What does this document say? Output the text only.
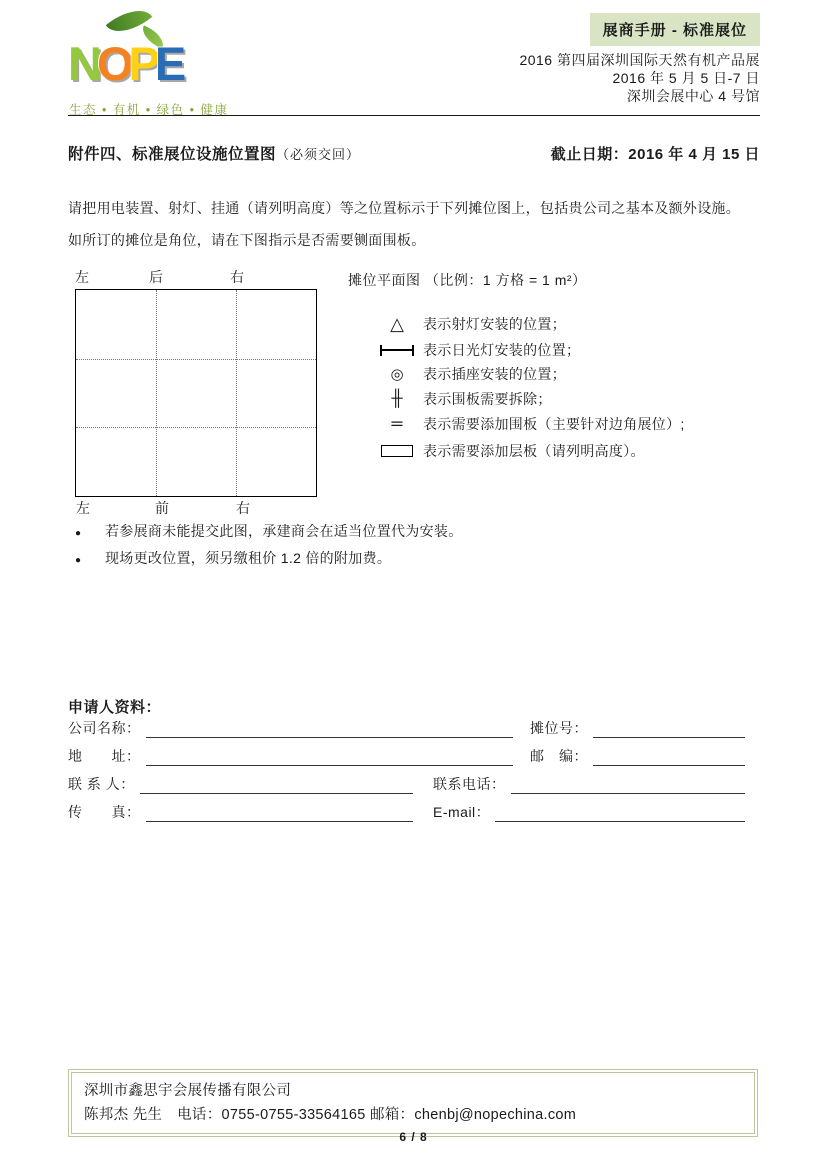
NOPE
生态 • 有机 • 绿色 • 健康
展商手册 - 标准展位
2016 第四届深圳国际天然有机产品展
2016 年 5 月 5 日-7 日
深圳会展中心 4 号馆
附件四、标准展位设施位置图（必须交回）	截止日期：2016 年 4 月 15 日
请把用电装置、射灯、挂通（请列明高度）等之位置标示于下列摊位图上，包括贵公司之基本及额外设施。
如所订的摊位是角位，请在下图指示是否需要铡面围板。
左	后	右
左	前	右
摊位平面图 （比例：1 方格 = 1 m²）
△ 表示射灯安装的位置；
表示日光灯安装的位置；
◎ 表示插座安装的位置；
╫ 表示围板需要拆除；
＝ 表示需要添加围板（主要针对边角展位）;
表示需要添加层板（请列明高度）。
●	若参展商未能提交此图，承建商会在适当位置代为安装。
●	现场更改位置，须另缴租价 1.2 倍的附加费。
申请人资料：
公司名称：	摊位号：
地　　址：	邮　编：
联 系 人：	联系电话：
传　　真：	E-mail：
深圳市鑫思宇会展传播有限公司
陈邦杰 先生　电话：0755-0755-33564165 邮箱：chenbj@nopechina.com
6 / 8
